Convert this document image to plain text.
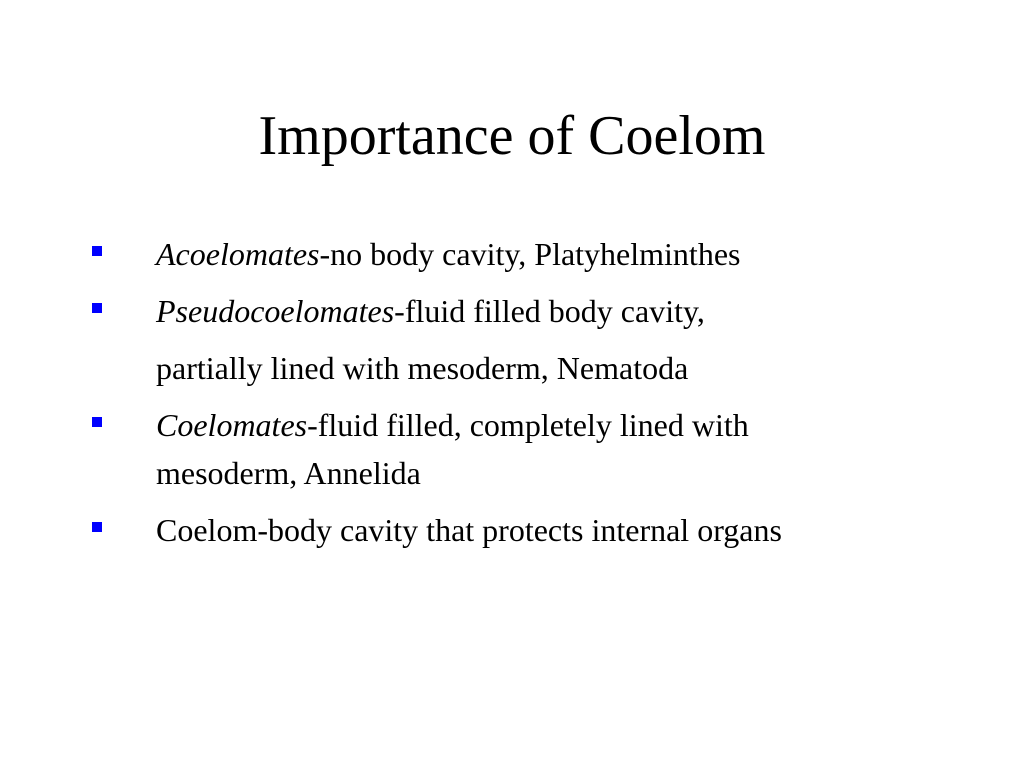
Importance of Coelom
Acoelomates-no body cavity, Platyhelminthes
Pseudocoelomates-fluid filled body cavity,
partially lined with mesoderm, Nematoda
Coelomates-fluid filled, completely lined with
mesoderm, Annelida
Coelom-body cavity that protects internal organs
